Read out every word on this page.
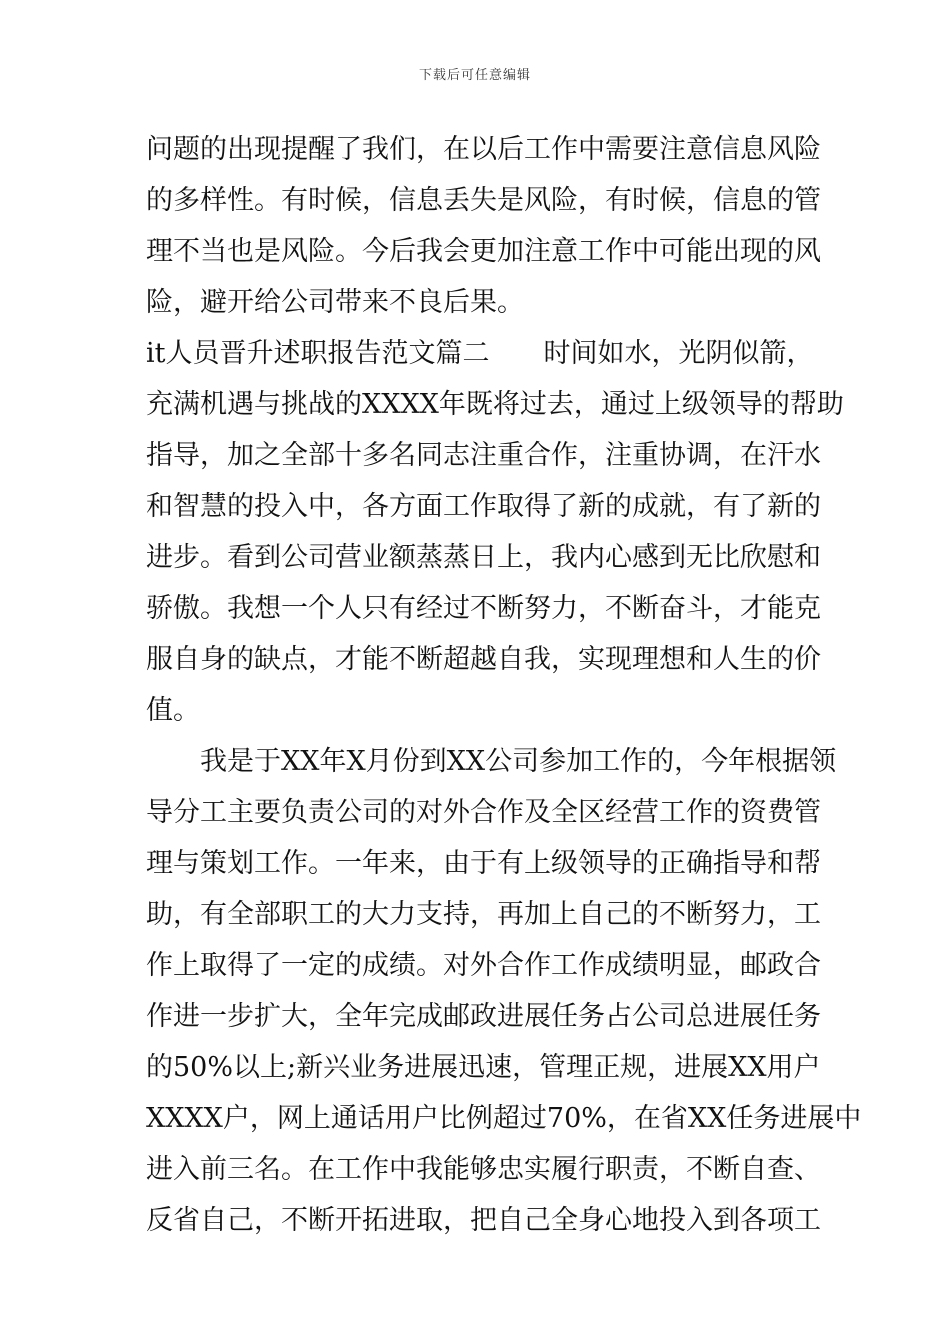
下载后可任意编辑
问题的出现提醒了我们，在以后工作中需要注意信息风险
的多样性。有时候，信息丢失是风险，有时候，信息的管
理不当也是风险。今后我会更加注意工作中可能出现的风
险，避开给公司带来不良后果。
it人员晋升述职报告范文篇二 时间如水，光阴似箭，
充满机遇与挑战的XXXX年既将过去，通过上级领导的帮助
指导，加之全部十多名同志注重合作，注重协调，在汗水
和智慧的投入中，各方面工作取得了新的成就，有了新的
进步。看到公司营业额蒸蒸日上，我内心感到无比欣慰和
骄傲。我想一个人只有经过不断努力，不断奋斗，才能克
服自身的缺点，才能不断超越自我，实现理想和人生的价
值。
我是于XX年X月份到XX公司参加工作的，今年根据领
导分工主要负责公司的对外合作及全区经营工作的资费管
理与策划工作。一年来，由于有上级领导的正确指导和帮
助，有全部职工的大力支持，再加上自己的不断努力，工
作上取得了一定的成绩。对外合作工作成绩明显，邮政合
作进一步扩大，全年完成邮政进展任务占公司总进展任务
的50%以上;新兴业务进展迅速，管理正规，进展XX用户
XXXX户，网上通话用户比例超过70%，在省XX任务进展中
进入前三名。在工作中我能够忠实履行职责，不断自查、
反省自己，不断开拓进取，把自己全身心地投入到各项工
